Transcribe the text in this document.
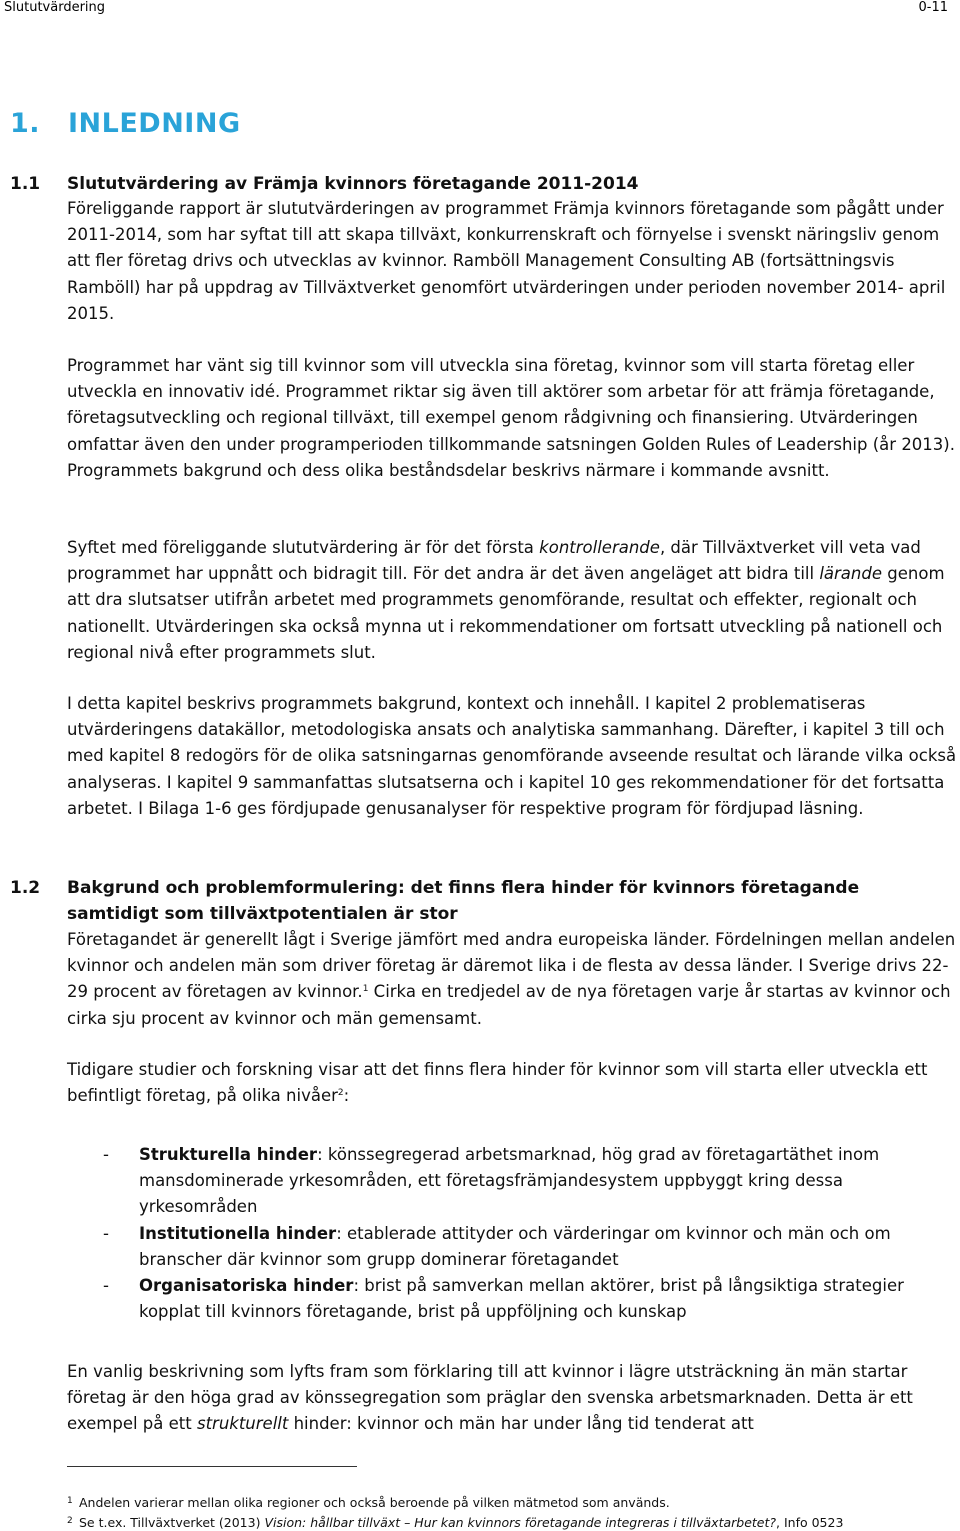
Slututvärdering	0-11
1. INLEDNING
1.1 Slututvärdering av Främja kvinnors företagande 2011-2014

Föreliggande rapport är slututvärderingen av programmet Främja kvinnors företagande som pågått under 2011-2014, som har syftat till att skapa tillväxt, konkurrenskraft och förnyelse i svenskt näringsliv genom att fler företag drivs och utvecklas av kvinnor. Ramböll Management Consulting AB (fortsättningsvis Ramböll) har på uppdrag av Tillväxtverket genomfört utvärderingen under perioden november 2014- april 2015.

Programmet har vänt sig till kvinnor som vill utveckla sina företag, kvinnor som vill starta företag eller utveckla en innovativ idé. Programmet riktar sig även till aktörer som arbetar för att främja företagande, företagsutveckling och regional tillväxt, till exempel genom rådgivning och finansiering. Utvärderingen omfattar även den under programperioden tillkommande satsningen Golden Rules of Leadership (år 2013). Programmets bakgrund och dess olika beståndsdelar beskrivs närmare i kommande avsnitt.

Syftet med föreliggande slututvärdering är för det första kontrollerande, där Tillväxtverket vill veta vad programmet har uppnått och bidragit till. För det andra är det även angeläget att bidra till lärande genom att dra slutsatser utifrån arbetet med programmets genomförande, resultat och effekter, regionalt och nationellt. Utvärderingen ska också mynna ut i rekommendationer om fortsatt utveckling på nationell och regional nivå efter programmets slut.

I detta kapitel beskrivs programmets bakgrund, kontext och innehåll. I kapitel 2 problematiseras utvärderingens datakällor, metodologiska ansats och analytiska sammanhang. Därefter, i kapitel 3 till och med kapitel 8 redogörs för de olika satsningarnas genomförande avseende resultat och lärande vilka också analyseras. I kapitel 9 sammanfattas slutsatserna och i kapitel 10 ges rekommendationer för det fortsatta arbetet. I Bilaga 1-6 ges fördjupade genusanalyser för respektive program för fördjupad läsning.

1.2 Bakgrund och problemformulering: det finns flera hinder för kvinnors företagande samtidigt som tillväxtpotentialen är stor

Företagandet är generellt lågt i Sverige jämfört med andra europeiska länder. Fördelningen mellan andelen kvinnor och andelen män som driver företag är däremot lika i de flesta av dessa länder. I Sverige drivs 22-29 procent av företagen av kvinnor.$^1$ Cirka en tredjedel av de nya företagen varje år startas av kvinnor och cirka sju procent av kvinnor och män gemensamt.

Tidigare studier och forskning visar att det finns flera hinder för kvinnor som vill starta eller utveckla ett befintligt företag, på olika nivåer$^2$:

- Strukturella hinder: könssegregerad arbetsmarknad, hög grad av företagartäthet inom mansdominerade yrkesområden, ett företagsfrämjandesystem uppbyggt kring dessa yrkesområden
- Institutionella hinder: etablerade attityder och värderingar om kvinnor och män och om branscher där kvinnor som grupp dominerar företagandet
- Organisatoriska hinder: brist på samverkan mellan aktörer, brist på långsiktiga strategier kopplat till kvinnors företagande, brist på uppföljning och kunskap

En vanlig beskrivning som lyfts fram som förklaring till att kvinnor i lägre utsträckning än män startar företag är den höga grad av könssegregation som präglar den svenska arbetsmarknaden. Detta är ett exempel på ett strukturellt hinder: kvinnor och män har under lång tid tenderat att

1 Andelen varierar mellan olika regioner och också beroende på vilken mätmetod som används.

2 Se t.ex. Tillväxtverket (2013) Vision: hållbar tillväxt – Hur kan kvinnors företagande integreras i tillväxtarbetet?, Info 0523
